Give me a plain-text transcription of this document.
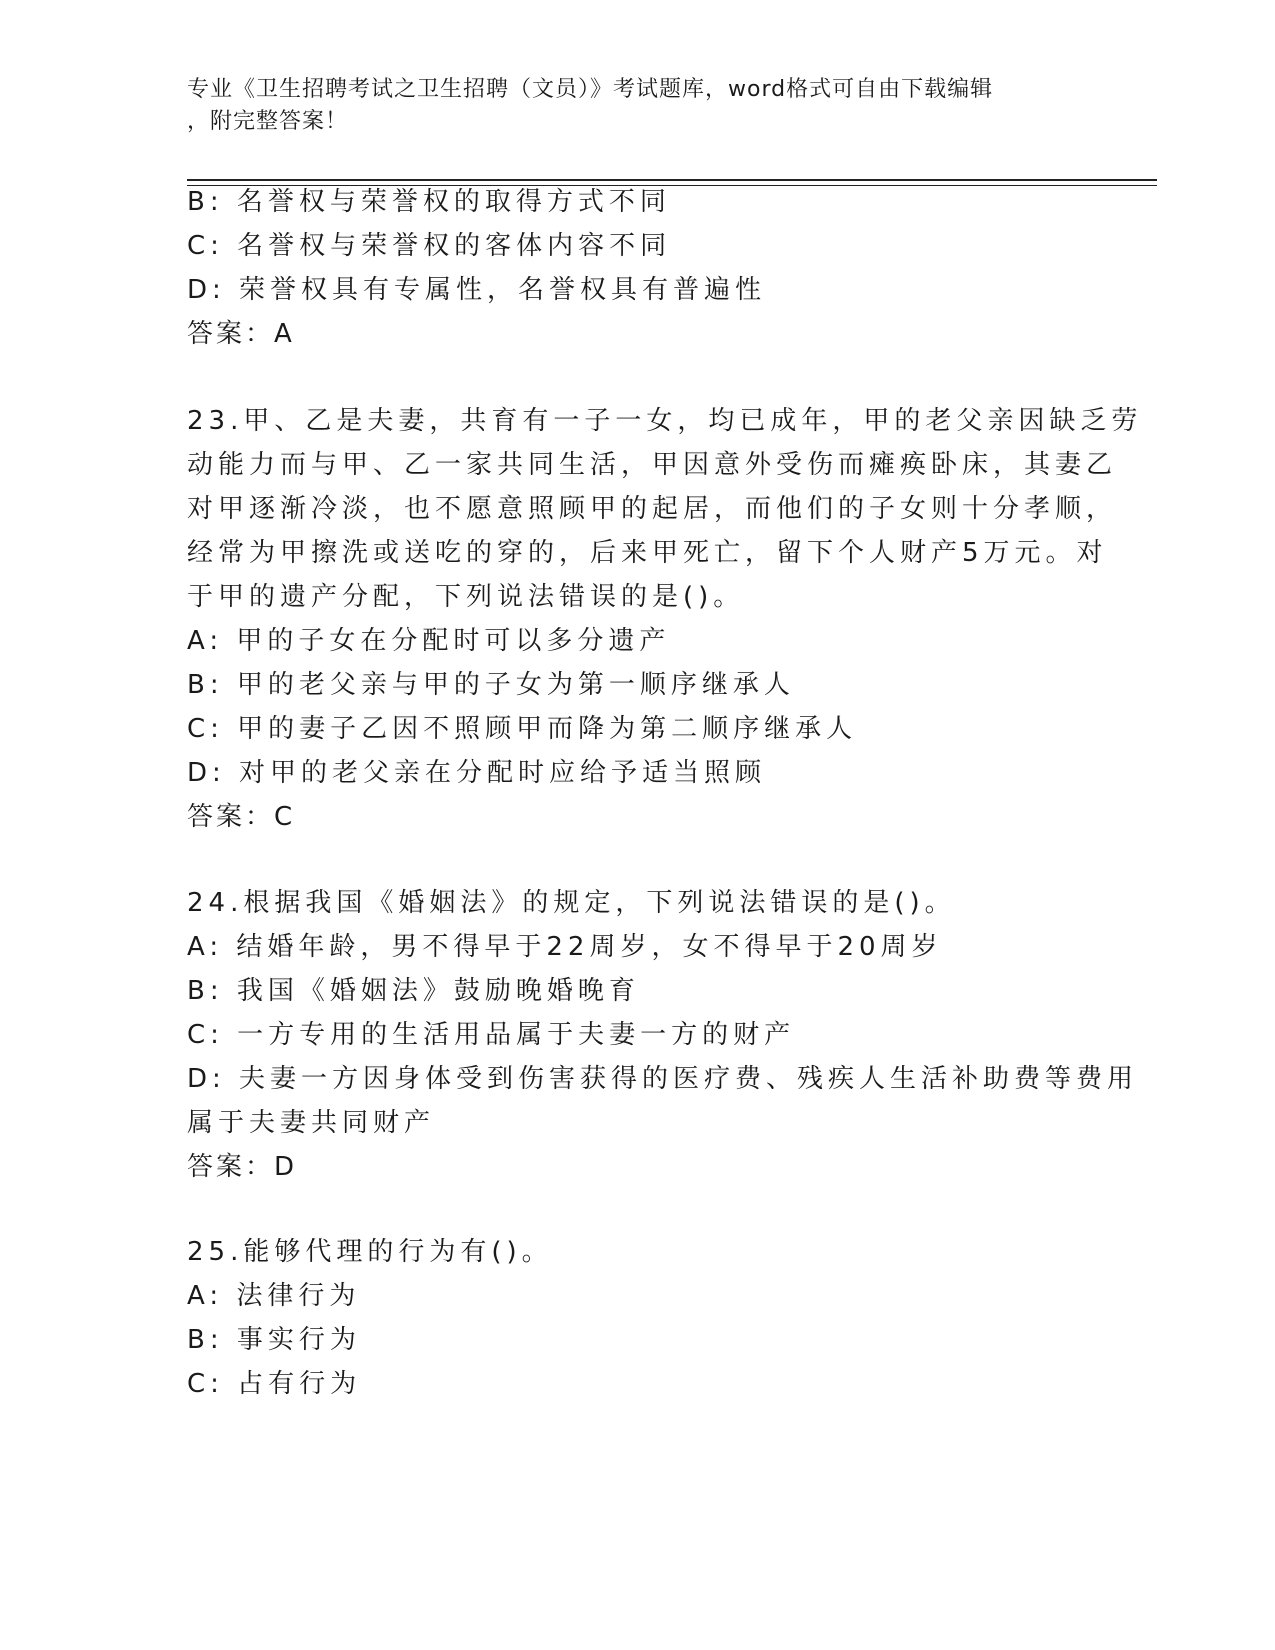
专业《卫生招聘考试之卫生招聘（文员）》考试题库，word格式可自由下载编辑
，附完整答案！
B: 名誉权与荣誉权的取得方式不同
C: 名誉权与荣誉权的客体内容不同
D: 荣誉权具有专属性，名誉权具有普遍性
答案：A
23.甲、乙是夫妻，共育有一子一女，均已成年，甲的老父亲因缺乏劳
动能力而与甲、乙一家共同生活，甲因意外受伤而瘫痪卧床，其妻乙
对甲逐渐冷淡，也不愿意照顾甲的起居，而他们的子女则十分孝顺，
经常为甲擦洗或送吃的穿的，后来甲死亡，留下个人财产5万元。对
于甲的遗产分配，下列说法错误的是()。
A: 甲的子女在分配时可以多分遗产
B: 甲的老父亲与甲的子女为第一顺序继承人
C: 甲的妻子乙因不照顾甲而降为第二顺序继承人
D: 对甲的老父亲在分配时应给予适当照顾
答案：C
24.根据我国《婚姻法》的规定，下列说法错误的是()。
A: 结婚年龄，男不得早于22周岁，女不得早于20周岁
B: 我国《婚姻法》鼓励晚婚晚育
C: 一方专用的生活用品属于夫妻一方的财产
D: 夫妻一方因身体受到伤害获得的医疗费、残疾人生活补助费等费用
属于夫妻共同财产
答案：D
25.能够代理的行为有()。
A: 法律行为
B: 事实行为
C: 占有行为
